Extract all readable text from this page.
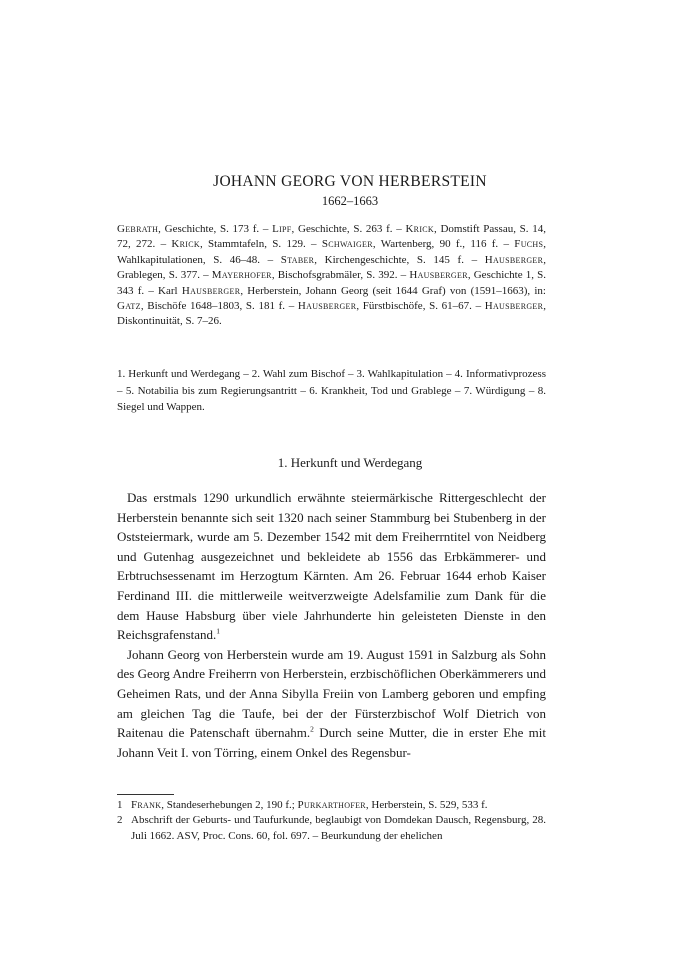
JOHANN GEORG VON HERBERSTEIN

1662–1663

Gebrath, Geschichte, S. 173 f. – Lipf, Geschichte, S. 263 f. – Krick, Domstift Passau, S. 14, 72, 272. – Krick, Stammtafeln, S. 129. – Schwaiger, Wartenberg, 90 f., 116 f. – Fuchs, Wahlkapitulationen, S. 46–48. – Staber, Kirchengeschichte, S. 145 f. – Hausberger, Grablegen, S. 377. – Mayerhofer, Bischofsgrabmäler, S. 392. – Hausberger, Geschichte 1, S. 343 f. – Karl Hausberger, Herberstein, Johann Georg (seit 1644 Graf) von (1591–1663), in: Gatz, Bischöfe 1648–1803, S. 181 f. – Hausberger, Fürstbischöfe, S. 61–67. – Hausberger, Diskontinuität, S. 7–26.

1. Herkunft und Werdegang – 2. Wahl zum Bischof – 3. Wahlkapitulation – 4. Informativprozess – 5. Notabilia bis zum Regierungsantritt – 6. Krankheit, Tod und Grablege – 7. Würdigung – 8. Siegel und Wappen.

1. Herkunft und Werdegang

Das erstmals 1290 urkundlich erwähnte steiermärkische Rittergeschlecht der Herberstein benannte sich seit 1320 nach seiner Stammburg bei Stubenberg in der Oststeiermark, wurde am 5. Dezember 1542 mit dem Freiherrntitel von Neidberg und Gutenhag ausgezeichnet und bekleidete ab 1556 das Erbkämmerer- und Erbtruchsessenamt im Herzogtum Kärnten. Am 26. Februar 1644 erhob Kaiser Ferdinand III. die mittlerweile weitverzweigte Adelsfamilie zum Dank für die dem Hause Habsburg über viele Jahrhunderte hin geleisteten Dienste in den Reichsgrafenstand.$^1$

Johann Georg von Herberstein wurde am 19. August 1591 in Salzburg als Sohn des Georg Andre Freiherrn von Herberstein, erzbischöflichen Oberkämmerers und Geheimen Rats, und der Anna Sibylla Freiin von Lamberg geboren und empfing am gleichen Tag die Taufe, bei der der Fürsterzbischof Wolf Dietrich von Raitenau die Patenschaft übernahm.$^2$ Durch seine Mutter, die in erster Ehe mit Johann Veit I. von Törring, einem Onkel des Regensbur-

1 Frank, Standeserhebungen 2, 190 f.; Purkarthofer, Herberstein, S. 529, 533 f.
2 Abschrift der Geburts- und Taufurkunde, beglaubigt von Domdekan Dausch, Regensburg, 28. Juli 1662. ASV, Proc. Cons. 60, fol. 697. – Beurkundung der ehelichen
